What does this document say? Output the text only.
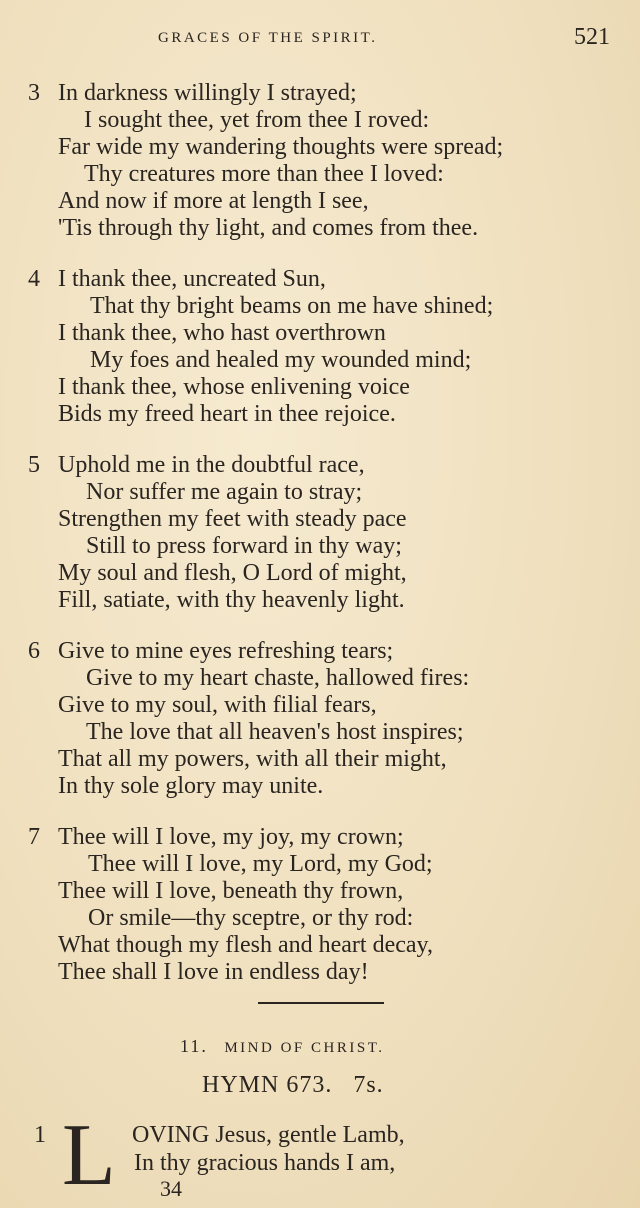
GRACES OF THE SPIRIT.	521
3 In darkness willingly I strayed;
I sought thee, yet from thee I roved:
Far wide my wandering thoughts were spread;
Thy creatures more than thee I loved:
And now if more at length I see,
'Tis through thy light, and comes from thee.
4 I thank thee, uncreated Sun,
That thy bright beams on me have shined;
I thank thee, who hast overthrown
My foes and healed my wounded mind;
I thank thee, whose enlivening voice
Bids my freed heart in thee rejoice.
5 Uphold me in the doubtful race,
Nor suffer me again to stray;
Strengthen my feet with steady pace
Still to press forward in thy way;
My soul and flesh, O Lord of might,
Fill, satiate, with thy heavenly light.
6 Give to mine eyes refreshing tears;
Give to my heart chaste, hallowed fires:
Give to my soul, with filial fears,
The love that all heaven's host inspires;
That all my powers, with all their might,
In thy sole glory may unite.
7 Thee will I love, my joy, my crown;
Thee will I love, my Lord, my God;
Thee will I love, beneath thy frown,
Or smile—thy sceptre, or thy rod:
What though my flesh and heart decay,
Thee shall I love in endless day!
11. MIND OF CHRIST.
HYMN 673. 7s.
1 L OVING Jesus, gentle Lamb,
In thy gracious hands I am,
34
